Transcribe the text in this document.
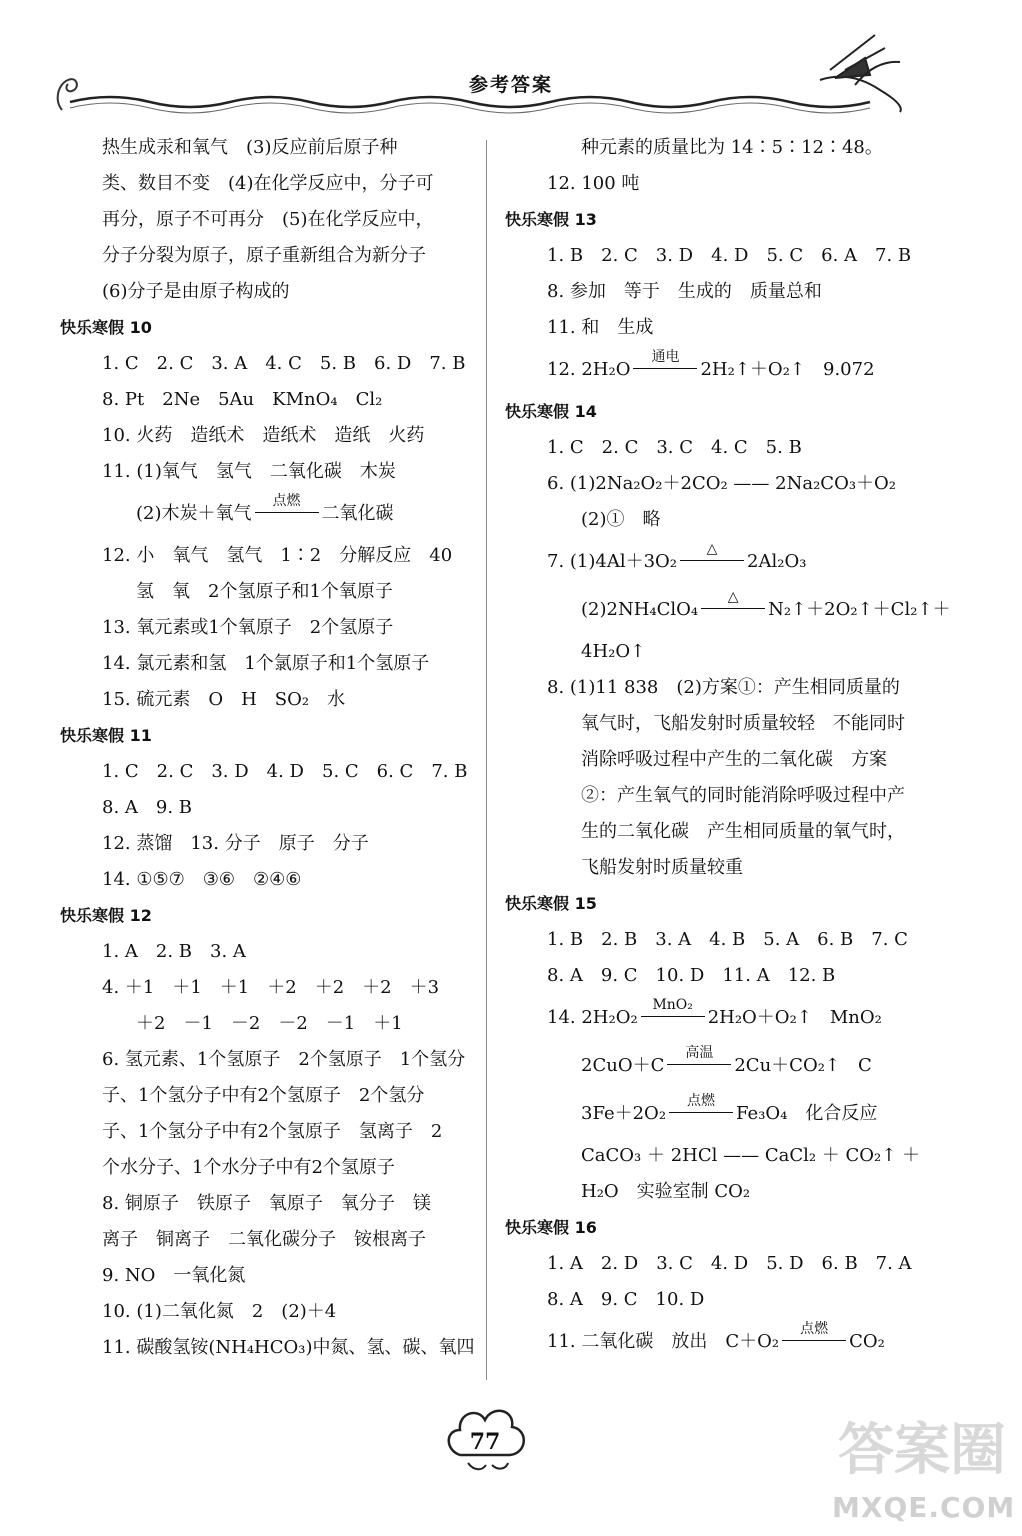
参考答案
热生成汞和氧气　(3)反应前后原子种
类、数目不变　(4)在化学反应中，分子可
再分，原子不可再分　(5)在化学反应中，
分子分裂为原子，原子重新组合为新分子
(6)分子是由原子构成的
快乐寒假 10
1. C　2. C　3. A　4. C　5. B　6. D　7. B
8. Pt　2Ne　5Au　KMnO₄　Cl₂
10. 火药　造纸术　造纸术　造纸　火药
11. (1)氧气　氢气　二氧化碳　木炭
(2)木炭＋氧气
点燃
二氧化碳
12. 小　氧气　氢气　1∶2　分解反应　40
氢　氧　2个氢原子和1个氧原子
13. 氧元素或1个氧原子　2个氢原子
14. 氯元素和氢　1个氯原子和1个氢原子
15. 硫元素　O　H　SO₂　水
快乐寒假 11
1. C　2. C　3. D　4. D　5. C　6. C　7. B
8. A　9. B
12. 蒸馏　13. 分子　原子　分子
14. ①⑤⑦　③⑥　②④⑥
快乐寒假 12
1. A　2. B　3. A
4. ＋1　＋1　＋1　＋2　＋2　＋2　＋3
＋2　－1　－2　－2　－1　＋1
6. 氢元素、1个氢原子　2个氢原子　1个氢分
子、1个氢分子中有2个氢原子　2个氢分
子、1个氢分子中有2个氢原子　氢离子　2
个水分子、1个水分子中有2个氢原子
8. 铜原子　铁原子　氧原子　氧分子　镁
离子　铜离子　二氧化碳分子　铵根离子
9. NO　一氧化氮
10. (1)二氧化氮　2　(2)＋4
11. 碳酸氢铵(NH₄HCO₃)中氮、氢、碳、氧四
种元素的质量比为 14∶5∶12∶48。
12. 100 吨
快乐寒假 13
1. B　2. C　3. D　4. D　5. C　6. A　7. B
8. 参加　等于　生成的　质量总和
11. 和　生成
12. 2H₂O
通电
2H₂↑＋O₂↑　9.072
快乐寒假 14
1. C　2. C　3. C　4. C　5. B
6. (1)2Na₂O₂＋2CO₂ —— 2Na₂CO₃＋O₂
(2)①　略
7. (1)4Al＋3O₂
△
2Al₂O₃
(2)2NH₄ClO₄
△
N₂↑＋2O₂↑＋Cl₂↑＋
4H₂O↑
8. (1)11 838　(2)方案①：产生相同质量的
氧气时，飞船发射时质量较轻　不能同时
消除呼吸过程中产生的二氧化碳　方案
②：产生氧气的同时能消除呼吸过程中产
生的二氧化碳　产生相同质量的氧气时，
飞船发射时质量较重
快乐寒假 15
1. B　2. B　3. A　4. B　5. A　6. B　7. C
8. A　9. C　10. D　11. A　12. B
14. 2H₂O₂
MnO₂
2H₂O＋O₂↑　MnO₂
2CuO＋C
高温
2Cu＋CO₂↑　C
3Fe＋2O₂
点燃
Fe₃O₄　化合反应
CaCO₃ ＋ 2HCl —— CaCl₂ ＋ CO₂↑ ＋
H₂O　实验室制 CO₂
快乐寒假 16
1. A　2. D　3. C　4. D　5. D　6. B　7. A
8. A　9. C　10. D
11. 二氧化碳　放出　C＋O₂
点燃
CO₂
77	答案圈
MXQE.COM
